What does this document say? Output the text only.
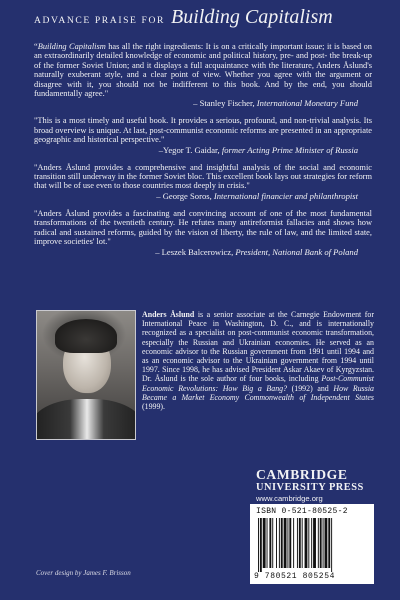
ADVANCE PRAISE FOR Building Capitalism

“Building Capitalism has all the right ingredients: It is on a critically important issue; it is based on an extraordinarily detailed knowledge of economic and political history, pre- and post- the break-up of the former Soviet Union; and it displays a full acquaintance with the literature, Anders Åslund's naturally exuberant style, and a clear point of view. Whether you agree with the argument or disagree with it, you should not be indifferent to this book. And by the end, you should fundamentally agree."

– Stanley Fischer, International Monetary Fund

"This is a most timely and useful book. It provides a serious, profound, and non-trivial analysis. Its broad overview is unique. At last, post-communist economic reforms are presented in an appropriate geographic and historical perspective."

–Yegor T. Gaidar, former Acting Prime Minister of Russia

"Anders Åslund provides a comprehensive and insightful analysis of the social and economic transition still underway in the former Soviet bloc. This excellent book lays out strategies for reform that will be of use even to those countries most deeply in crisis."

– George Soros, International financier and philanthropist

"Anders Åslund provides a fascinating and convincing account of one of the most fundamental transformations of the twentieth century. He refutes many antireformist fallacies and shows how radical and sustained reforms, guided by the vision of liberty, the rule of law, and the limited state, improve societies' lot."

– Leszek Balcerowicz, President, National Bank of Poland

Anders Åslund is a senior associate at the Carnegie Endowment for International Peace in Washington, D. C., and is internationally recognized as a specialist on post-communist economic transformation, especially the Russian and Ukrainian economies. He served as an economic advisor to the Russian government from 1991 until 1994 and as an economic advisor to the Ukrainian government from 1994 until 1997. Since 1998, he has advised President Askar Akaev of Kyrgyzstan. Dr. Åslund is the sole author of four books, including Post-Communist Economic Revolutions: How Big a Bang? (1992) and How Russia Became a Market Economy Commonwealth of Independent States (1999).

CAMBRIDGE
UNIVERSITY PRESS
www.cambridge.org
ISBN 0-521-80525-2
9 780521 805254
Cover design by James F. Brisson
